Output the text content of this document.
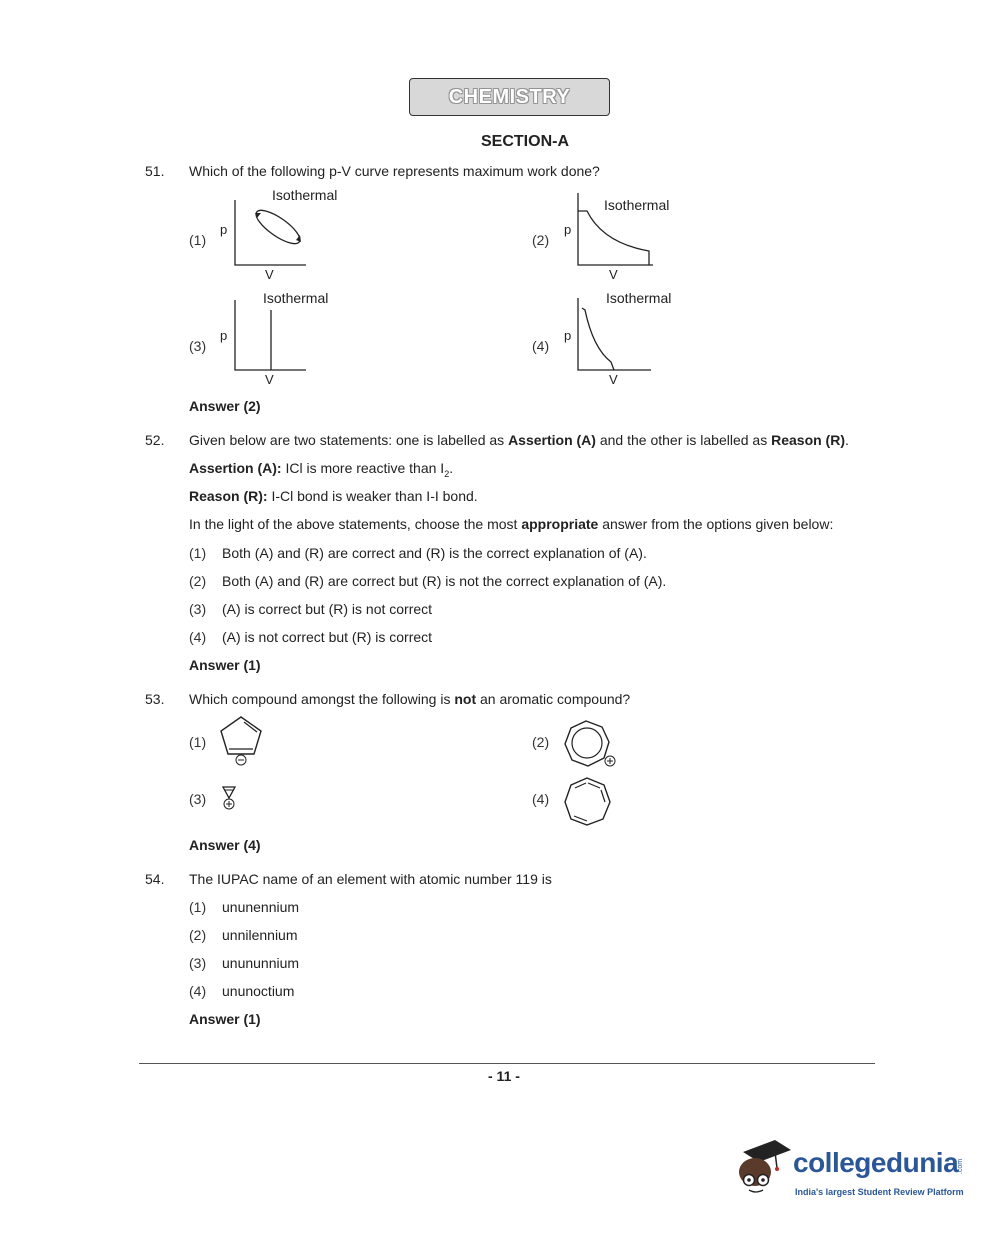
CHEMISTRY
SECTION-A
51. Which of the following p-V curve represents maximum work done?
(1)
Isothermal
p
V
(2)
Isothermal
p
V
(3)
Isothermal
p
V
(4)
Isothermal
p
V
Answer (2)
52. Given below are two statements: one is labelled as Assertion (A) and the other is labelled as Reason (R).
Assertion (A): ICl is more reactive than $I_2$.
Reason (R): I-Cl bond is weaker than I-I bond.
In the light of the above statements, choose the most appropriate answer from the options given below:
(1) Both (A) and (R) are correct and (R) is the correct explanation of (A).
(2) Both (A) and (R) are correct but (R) is not the correct explanation of (A).
(3) (A) is correct but (R) is not correct
(4) (A) is not correct but (R) is correct
Answer (1)
53. Which compound amongst the following is not an aromatic compound?
(1)	(2)
(3)	(4)
Answer (4)
54. The IUPAC name of an element with atomic number 119 is
(1) ununennium
(2) unnilennium
(3) unununnium
(4) ununoctium
Answer (1)
- 11 -
collegedunia
India's largest Student Review Platform
.com
